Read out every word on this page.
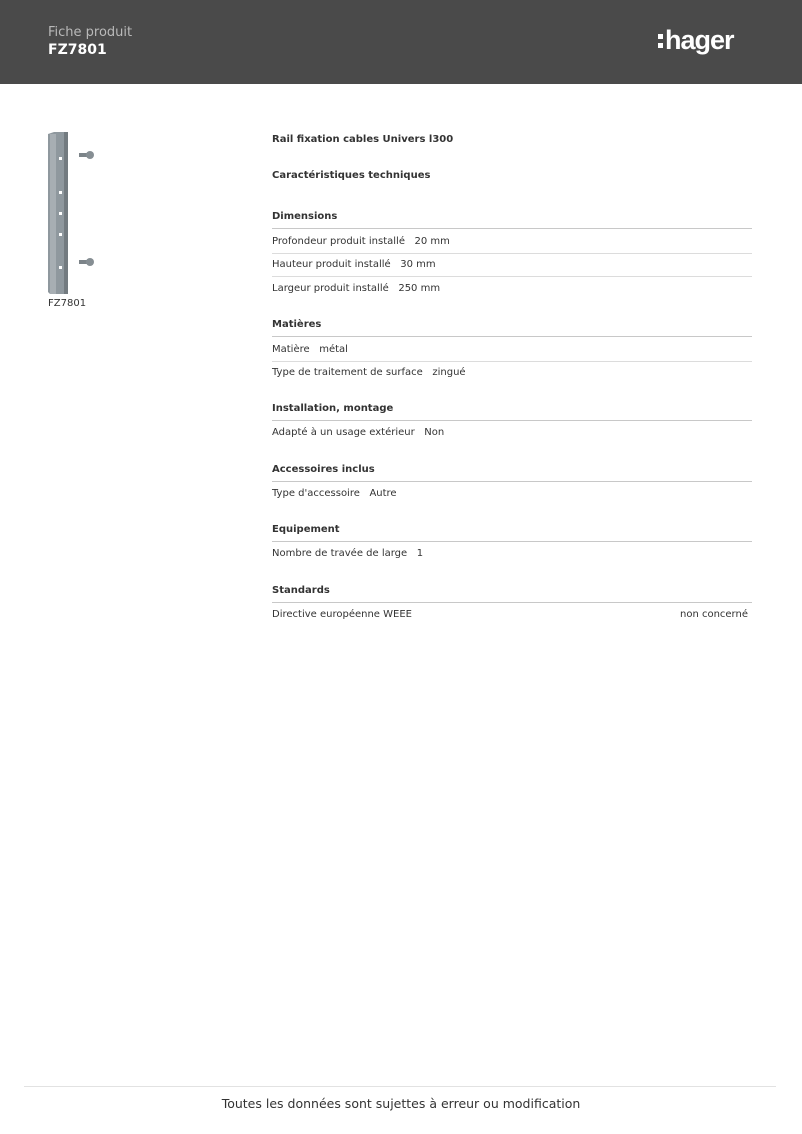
Fiche produit
FZ7801	hager
FZ7801
Rail fixation cables Univers l300
Caractéristiques techniques
Dimensions
Profondeur produit installé 20 mm
Hauteur produit installé 30 mm
Largeur produit installé 250 mm
Matières
Matière métal
Type de traitement de surface zingué
Installation, montage
Adapté à un usage extérieur Non
Accessoires inclus
Type d'accessoire Autre
Equipement
Nombre de travée de large 1
Standards
Directive européenne WEEE	non concerné
Toutes les données sont sujettes à erreur ou modification
